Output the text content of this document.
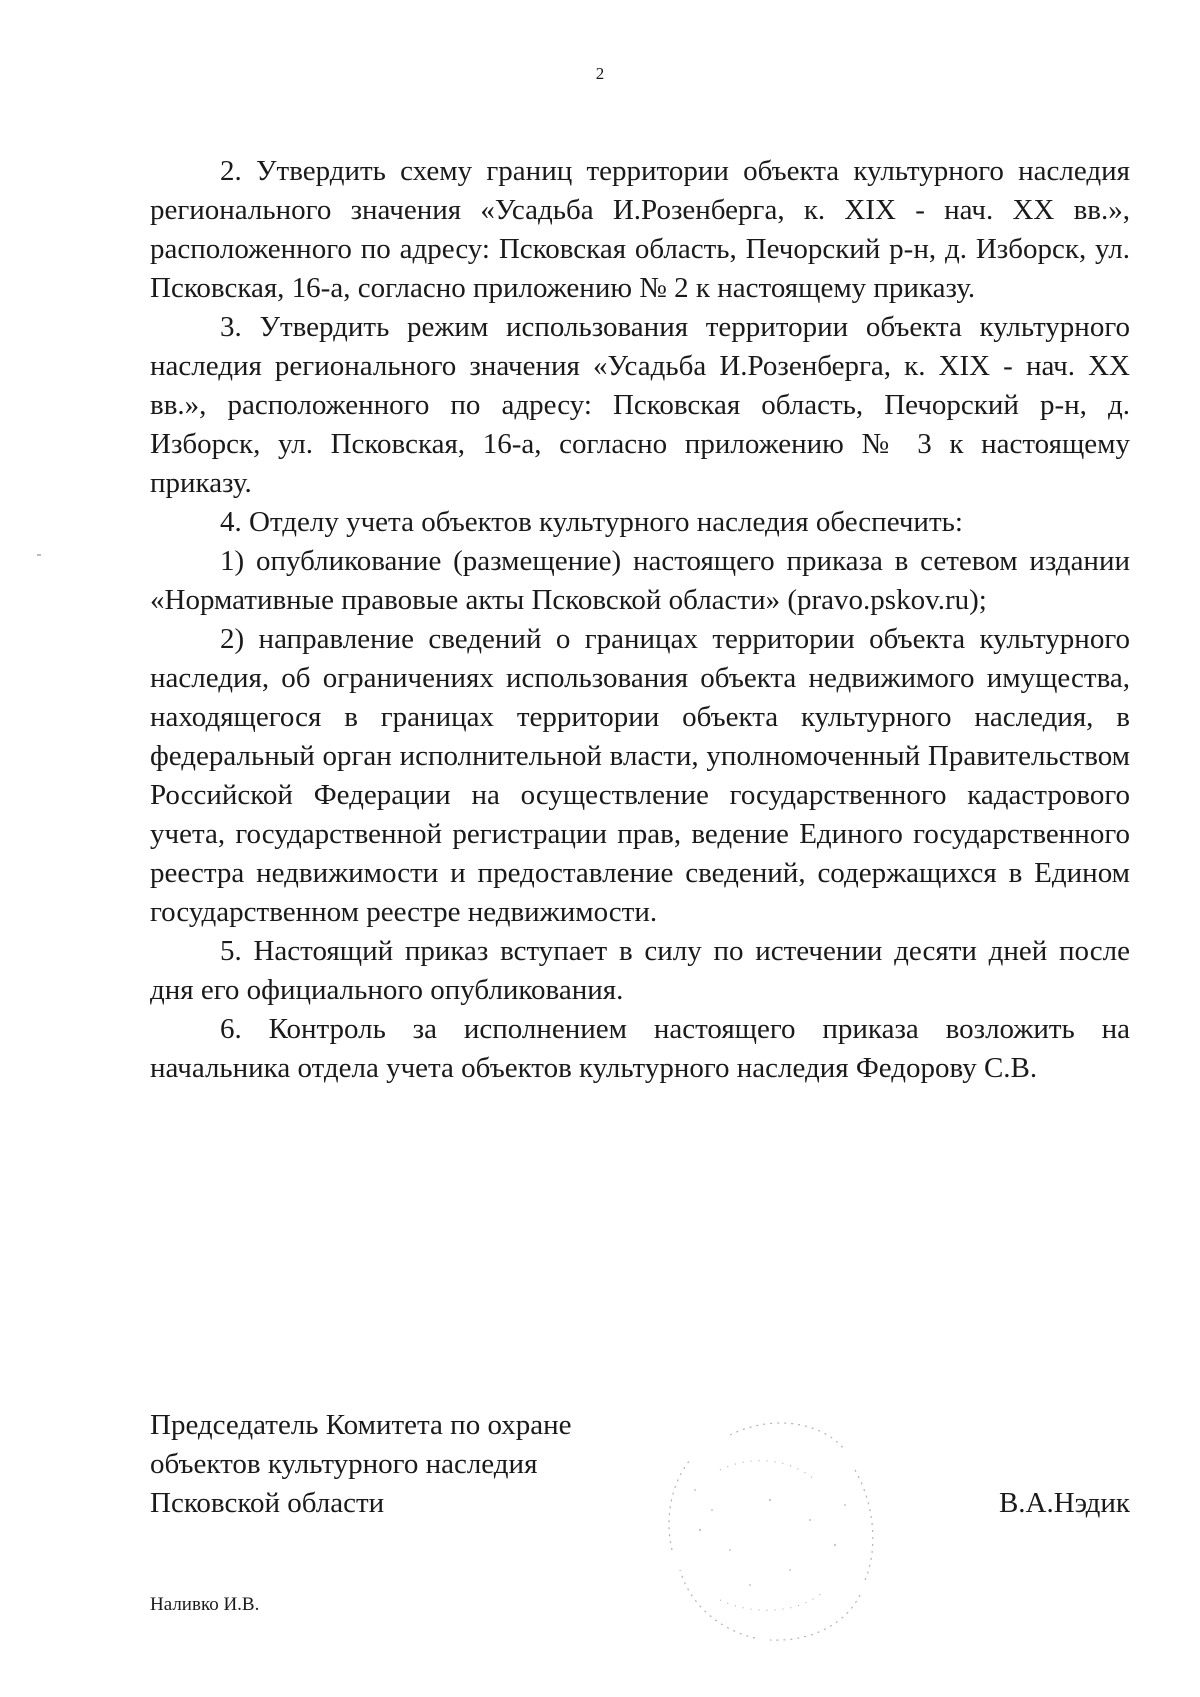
2

2. Утвердить схему границ территории объекта культурного наследия регионального значения «Усадьба И.Розенберга, к. XIX - нач. XX вв.», расположенного по адресу: Псковская область, Печорский р-н, д. Изборск, ул. Псковская, 16-а, согласно приложению № 2 к настоящему приказу.

3. Утвердить режим использования территории объекта культурного наследия регионального значения «Усадьба И.Розенберга, к. XIX - нач. XX вв.», расположенного по адресу: Псковская область, Печорский р-н, д. Изборск, ул. Псковская, 16-а, согласно приложению № 3 к настоящему приказу.

4. Отделу учета объектов культурного наследия обеспечить:

1) опубликование (размещение) настоящего приказа в сетевом издании «Нормативные правовые акты Псковской области» (pravo.pskov.ru);

2) направление сведений о границах территории объекта культурного наследия, об ограничениях использования объекта недвижимого имущества, находящегося в границах территории объекта культурного наследия, в федеральный орган исполнительной власти, уполномоченный Правительством Российской Федерации на осуществление государственного кадастрового учета, государственной регистрации прав, ведение Единого государственного реестра недвижимости и предоставление сведений, содержащихся в Едином государственном реестре недвижимости.

5. Настоящий приказ вступает в силу по истечении десяти дней после дня его официального опубликования.

6. Контроль за исполнением настоящего приказа возложить на начальника отдела учета объектов культурного наследия Федорову С.В.

Председатель Комитета по охране
объектов культурного наследия
Псковской области	В.А.Нэдик
Наливко И.В.
